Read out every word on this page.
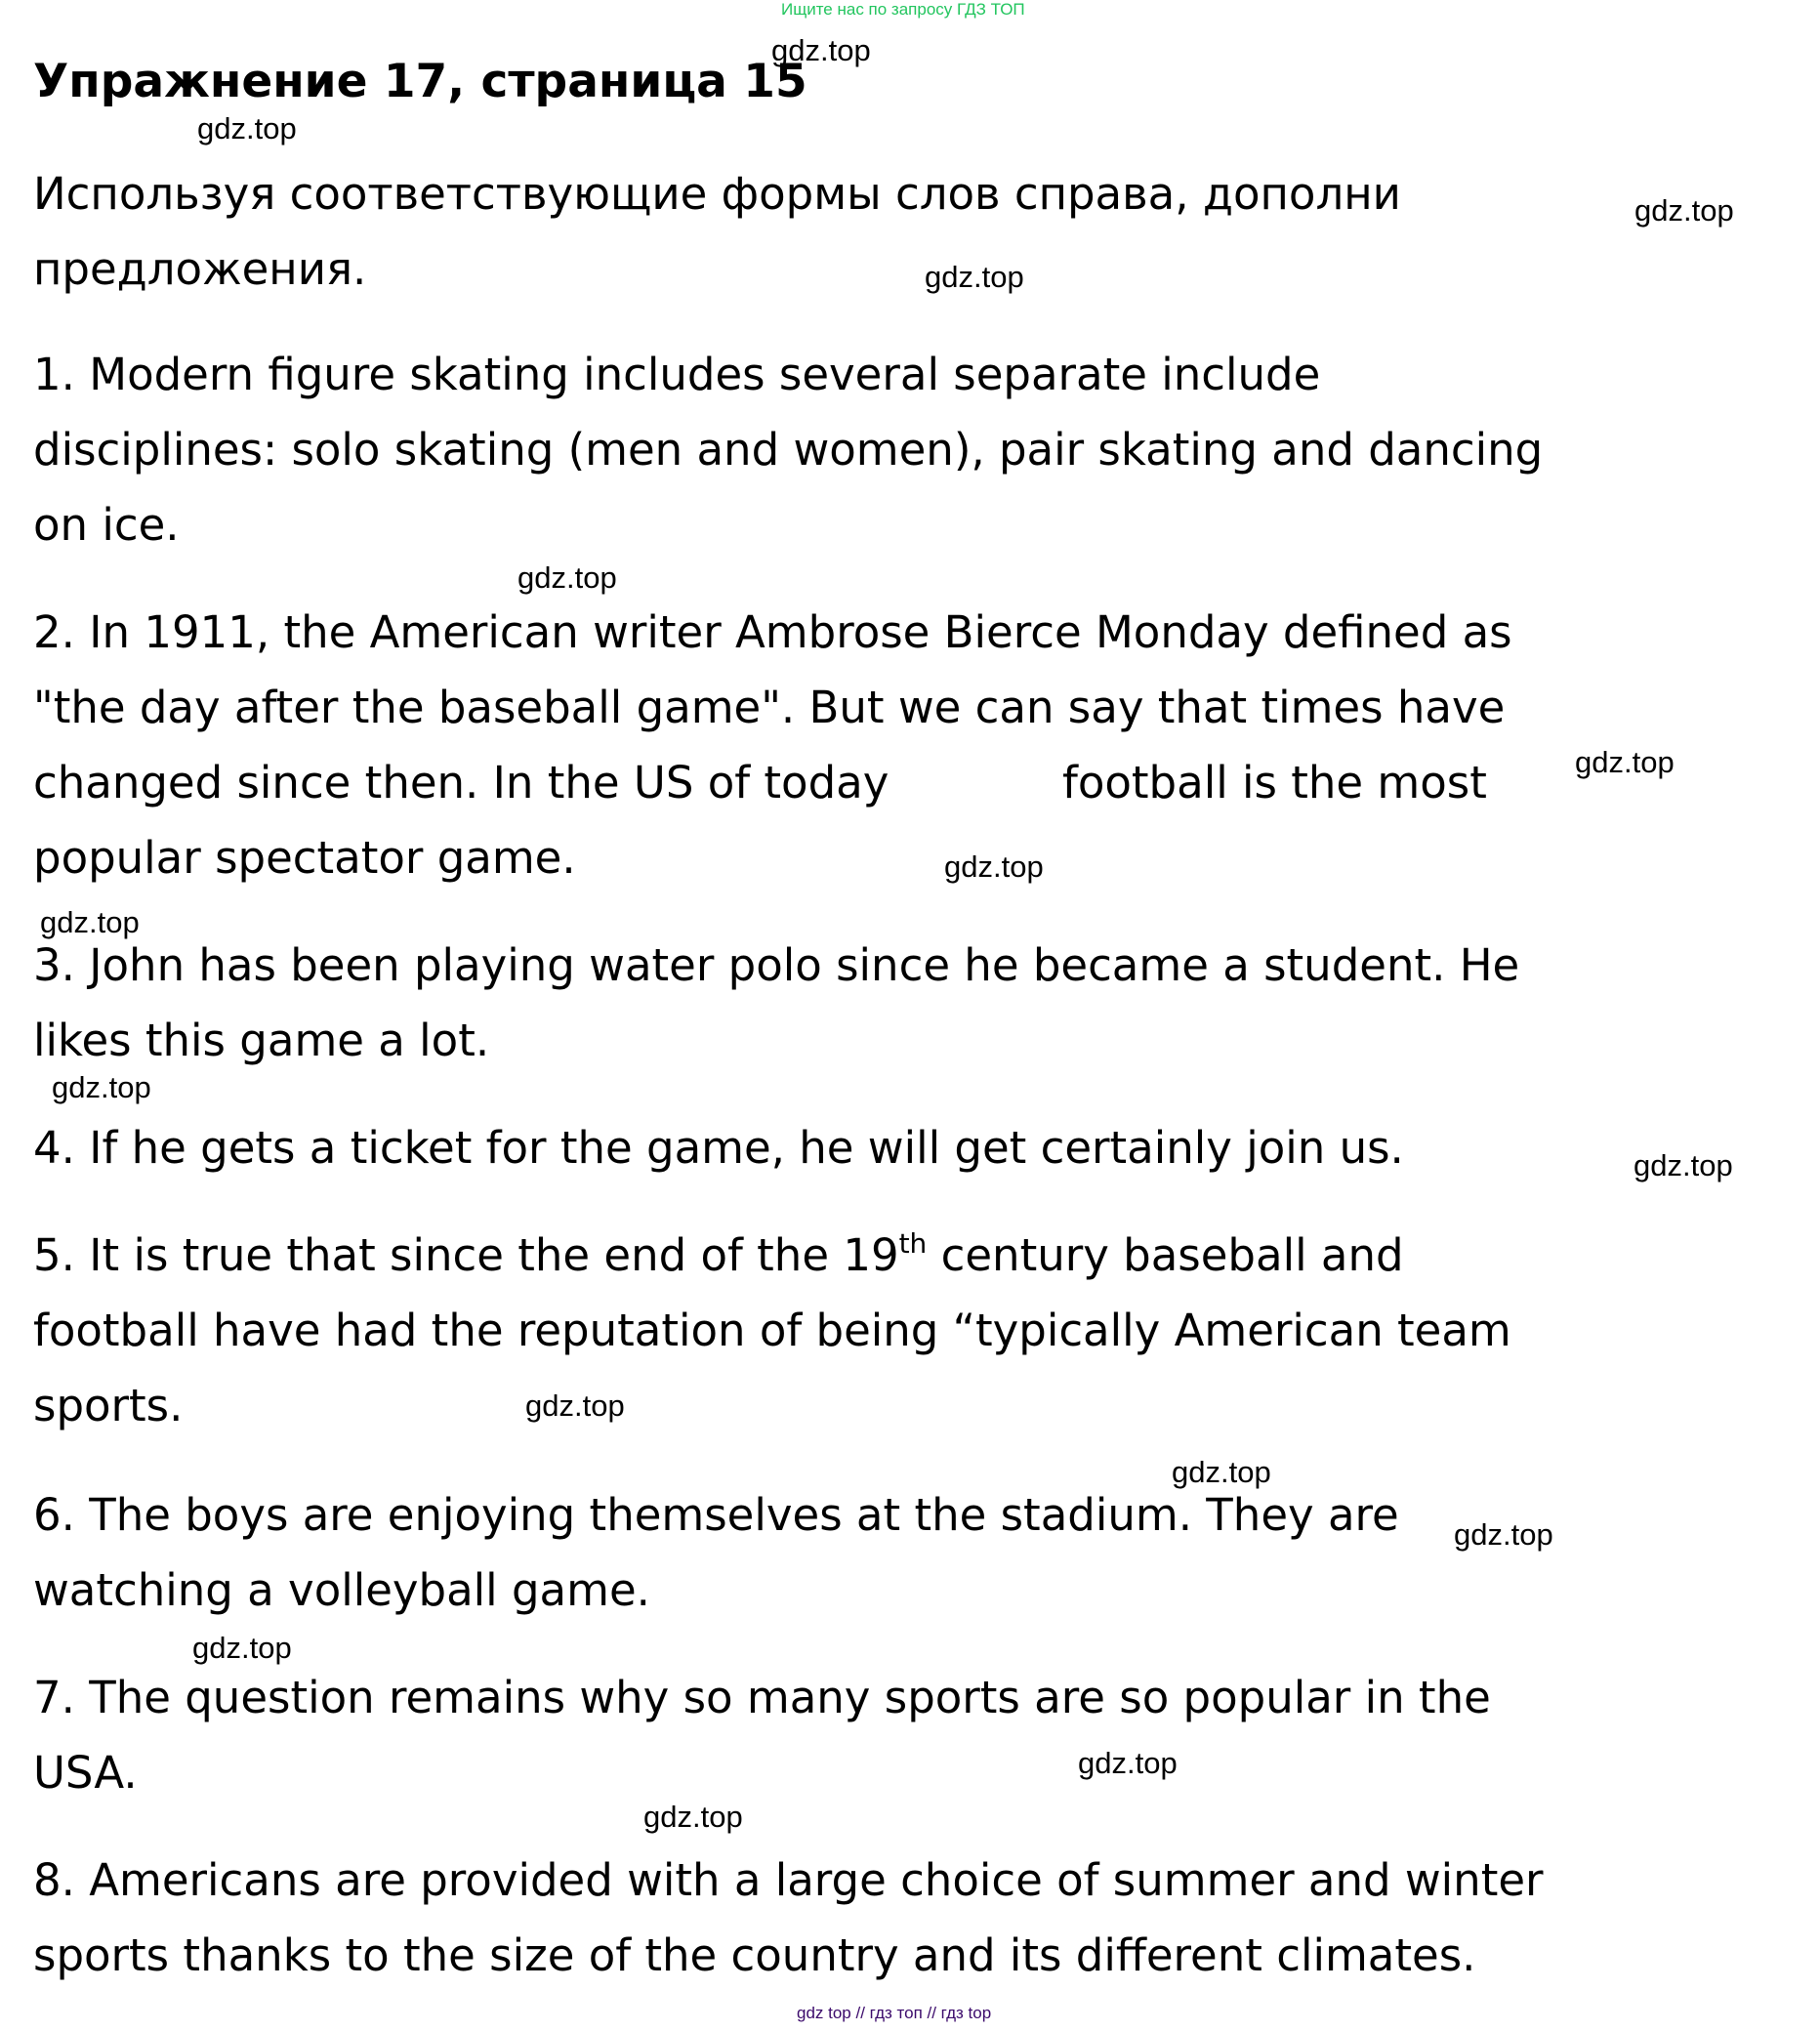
Ищите нас по запросу ГДЗ ТОП
Упражнение 17, страница 15
Используя соответствующие формы слов справа, дополни
предложения.
1. Modern figure skating includes several separate include
disciplines: solo skating (men and women), pair skating and dancing
on ice.
2. In 1911, the American writer Ambrose Bierce Monday defined as
"the day after the baseball game". But we can say that times have
changed since then. In the US of today	football is the most
popular spectator game.
3. John has been playing water polo since he became a student. He
likes this game a lot.
4. If he gets a ticket for the game, he will get certainly join us.
5. It is true that since the end of the 19th century baseball and
football have had the reputation of being “typically American team
sports.
6. The boys are enjoying themselves at the stadium. They are
watching a volleyball game.
7. The question remains why so many sports are so popular in the
USA.
8. Americans are provided with a large choice of summer and winter
sports thanks to the size of the country and its different climates.
gdz.top
gdz.top
gdz.top
gdz.top
gdz.top
gdz.top
gdz.top
gdz.top
gdz.top
gdz.top
gdz.top
gdz.top
gdz.top
gdz.top
gdz.top
gdz.top
gdz top // гдз топ // гдз top
